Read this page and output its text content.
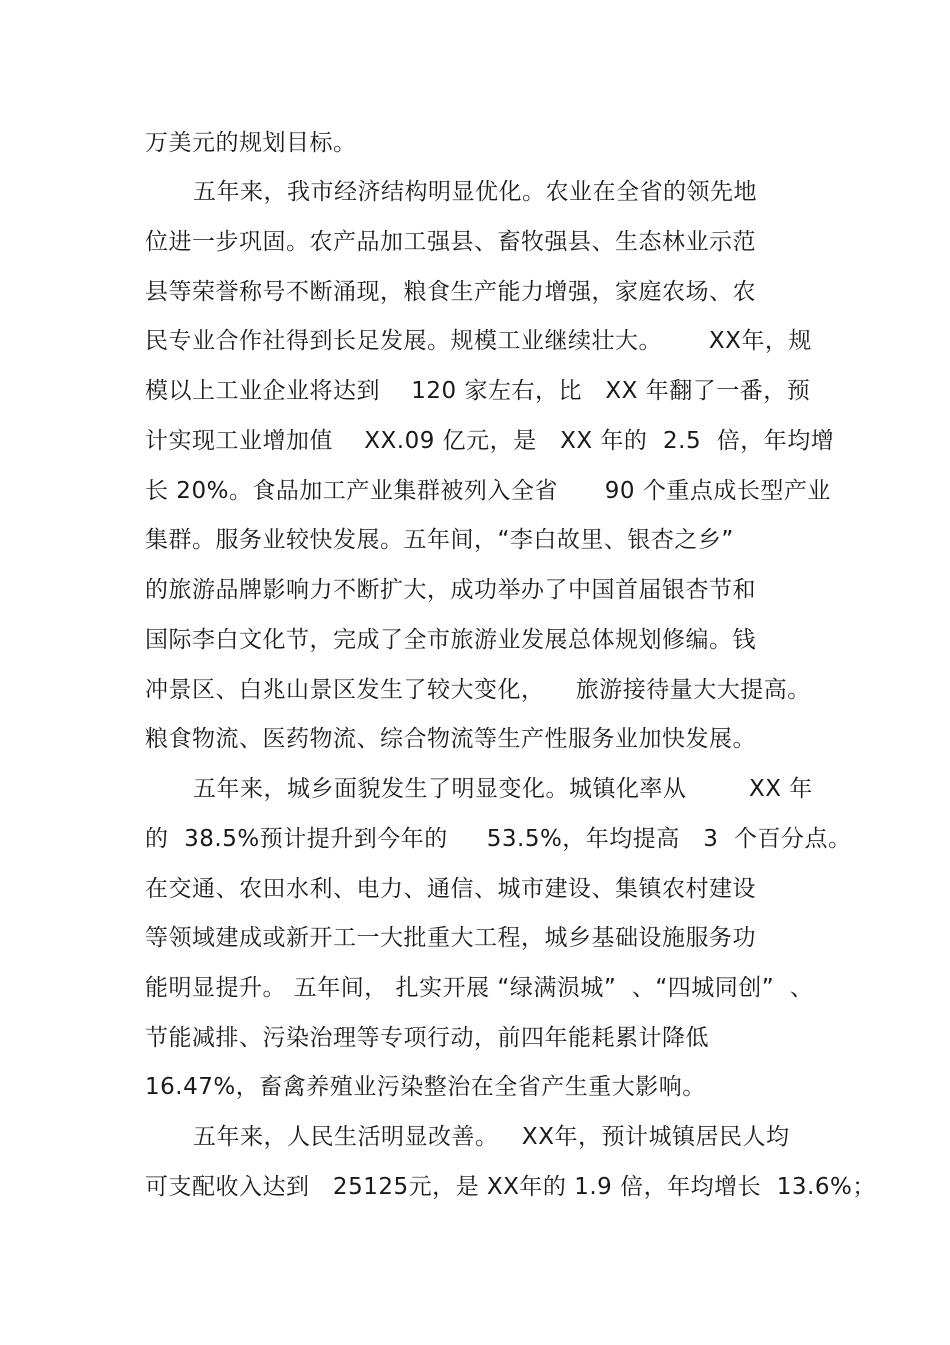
万美元的规划目标。
五年来，我市经济结构明显优化。农业在全省的领先地
位进一步巩固。农产品加工强县、畜牧强县、生态林业示范
县等荣誉称号不断涌现，粮食生产能力增强，家庭农场、农
民专业合作社得到长足发展。规模工业继续壮大。      XX年，规
模以上工业企业将达到    120 家左右，比   XX 年翻了一番，预
计实现工业增加值    XX.09 亿元，是   XX 年的  2.5  倍，年均增
长 20%。食品加工产业集群被列入全省      90 个重点成长型产业
集群。服务业较快发展。五年间，“李白故里、银杏之乡”
的旅游品牌影响力不断扩大，成功举办了中国首届银杏节和
国际李白文化节，完成了全市旅游业发展总体规划修编。钱
冲景区、白兆山景区发生了较大变化，    旅游接待量大大提高。
粮食物流、医药物流、综合物流等生产性服务业加快发展。
五年来，城乡面貌发生了明显变化。城镇化率从        XX 年
的  38.5%预计提升到今年的     53.5%，年均提高   3  个百分点。
在交通、农田水利、电力、通信、城市建设、集镇农村建设
等领域建成或新开工一大批重大工程，城乡基础设施服务功
能明显提升。 五年间， 扎实开展 “绿满涢城”  、“四城同创”  、
节能减排、污染治理等专项行动，前四年能耗累计降低
16.47%，畜禽养殖业污染整治在全省产生重大影响。
五年来，人民生活明显改善。   XX年，预计城镇居民人均
可支配收入达到   25125元，是 XX年的 1.9 倍，年均增长  13.6%；
